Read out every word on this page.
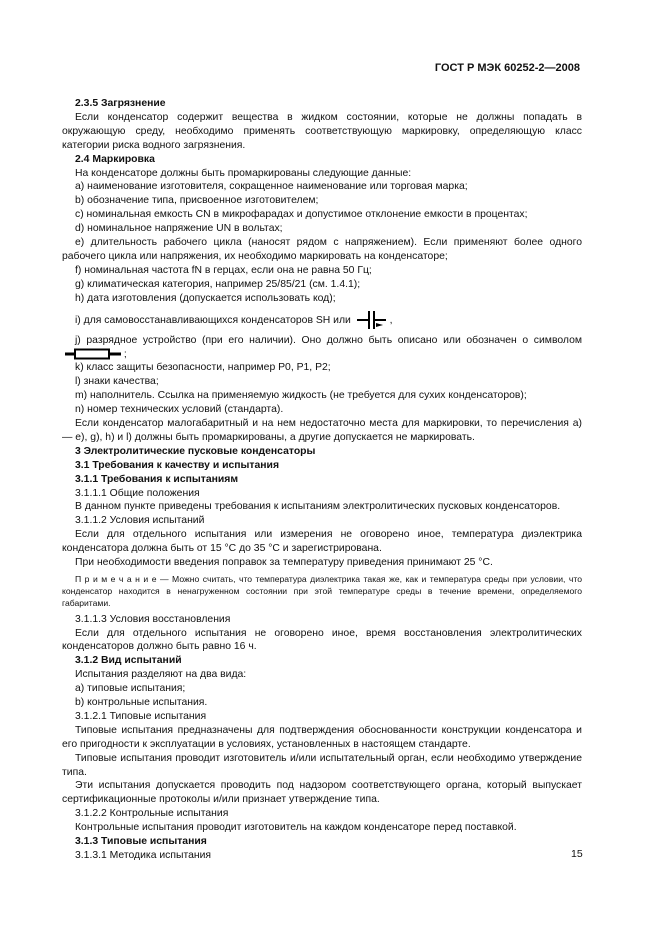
ГОСТ Р МЭК 60252-2—2008

2.3.5 Загрязнение

Если конденсатор содержит вещества в жидком состоянии, которые не должны попадать в окружающую среду, необходимо применять соответствующую маркировку, определяющую класс категории риска водного загрязнения.

2.4 Маркировка

На конденсаторе должны быть промаркированы следующие данные:

а) наименование изготовителя, сокращенное наименование или торговая марка;

b) обозначение типа, присвоенное изготовителем;

с) номинальная емкость CN в микрофарадах и допустимое отклонение емкости в процентах;

d) номинальное напряжение UN в вольтах;

е) длительность рабочего цикла (наносят рядом с напряжением). Если применяют более одного рабочего цикла или напряжения, их необходимо маркировать на конденсаторе;

f) номинальная частота fN в герцах, если она не равна 50 Гц;

g) климатическая категория, например 25/85/21 (см. 1.4.1);

h) дата изготовления (допускается использовать код);

i) для самовосстанавливающихся конденсаторов SH или	,

j) разрядное устройство (при его наличии). Оно должно быть описано или обозначен о символом  ;

k) класс защиты безопасности, например Р0, Р1, Р2;

l) знаки качества;

m) наполнитель. Ссылка на применяемую жидкость (не требуется для сухих конденсаторов);

n) номер технических условий (стандарта).

Если конденсатор малогабаритный и на нем недостаточно места для маркировки, то перечисления а) — е), g), h) и l) должны быть промаркированы, а другие допускается не маркировать.

3 Электролитические пусковые конденсаторы

3.1 Требования к качеству и испытания

3.1.1 Требования к испытаниям

3.1.1.1 Общие положения

В данном пункте приведены требования к испытаниям электролитических пусковых конденсаторов.

3.1.1.2 Условия испытаний

Если для отдельного испытания или измерения не оговорено иное, температура диэлектрика конденсатора должна быть от 15 °С до 35 °С и зарегистрирована.

При необходимости введения поправок за температуру приведения принимают 25 °С.

П р и м е ч а н и е — Можно считать, что температура диэлектрика такая же, как и температура среды при условии, что конденсатор находится в ненагруженном состоянии при этой температуре среды в течение времени, определяемого габаритами.

3.1.1.3 Условия восстановления

Если для отдельного испытания не оговорено иное, время восстановления электролитических конденсаторов должно быть равно 16 ч.

3.1.2 Вид испытаний

Испытания разделяют на два вида:

а) типовые испытания;

b) контрольные испытания.

3.1.2.1 Типовые испытания

Типовые испытания предназначены для подтверждения обоснованности конструкции конденсатора и его пригодности к эксплуатации в условиях, установленных в настоящем стандарте.

Типовые испытания проводит изготовитель и/или испытательный орган, если необходимо утверждение типа.

Эти испытания допускается проводить под надзором соответствующего органа, который выпускает сертификационные протоколы и/или признает утверждение типа.

3.1.2.2 Контрольные испытания

Контрольные испытания проводит изготовитель на каждом конденсаторе перед поставкой.

3.1.3 Типовые испытания

3.1.3.1 Методика испытания	15
